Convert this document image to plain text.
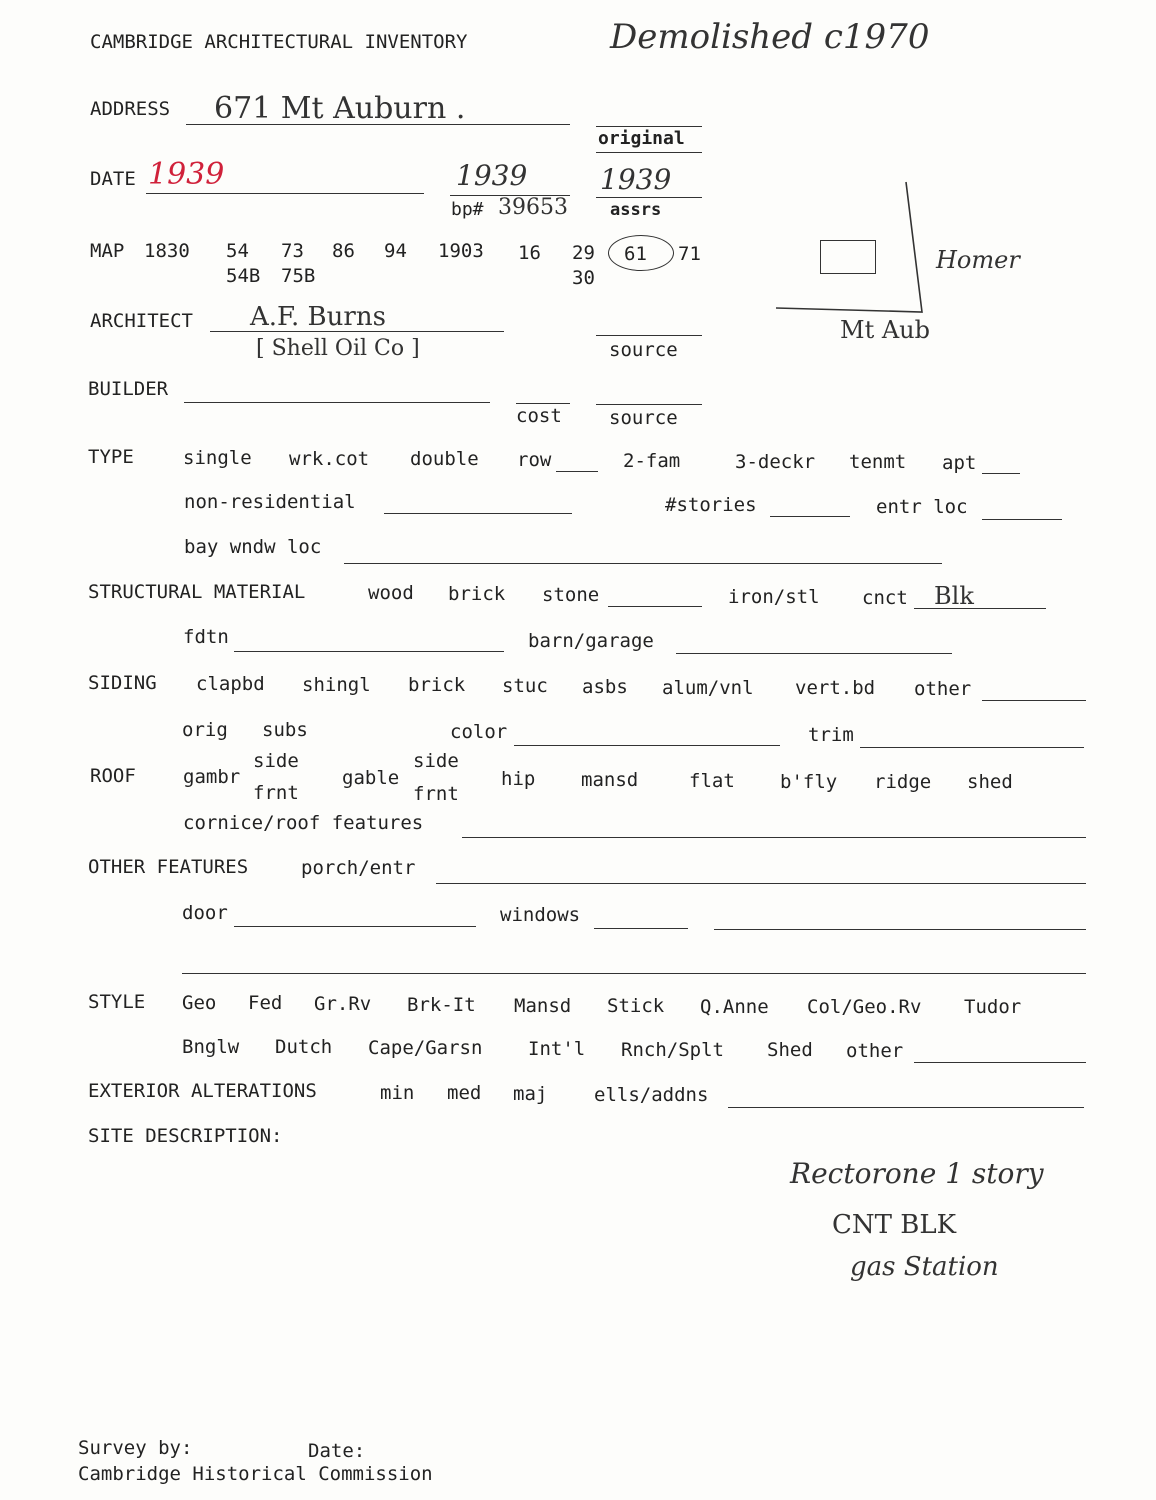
CAMBRIDGE ARCHITECTURAL INVENTORY	Demolished c1970
ADDRESS 671 Mt Auburn .
original
DATE 1939	1939
bp# 39653
1939
assrs
MAP 1830 54 73 86 94 1903 16 29 61 71
54B 75B	30
Homer
Mt Aub
ARCHITECT A.F. Burns
[ Shell Oil Co ]	source
BUILDER
cost source
TYPE	single wrk.cot double row	2-fam	3-deckr tenmt apt
non-residential	#stories	entr loc
bay wndw loc
STRUCTURAL MATERIAL	wood brick stone	iron/stl cnct Blk
fdtn	barn/garage
SIDING clapbd shingl brick stuc asbs alum/vnl vert.bd other
orig subs	color	trim
ROOF gambr
side
frnt
gable
side
frnt
hip mansd	flat b'fly ridge shed
cornice/roof features
OTHER FEATURES	porch/entr
door	windows
STYLE Geo Fed Gr.Rv Brk-It Mansd Stick Q.Anne Col/Geo.Rv Tudor
Bnglw Dutch Cape/Garsn Int'l Rnch/Splt Shed other
EXTERIOR ALTERATIONS	min med maj ells/addns
SITE DESCRIPTION:
Rectorone 1 story
CNT BLK
gas Station
Survey by:	Date:
Cambridge Historical Commission
